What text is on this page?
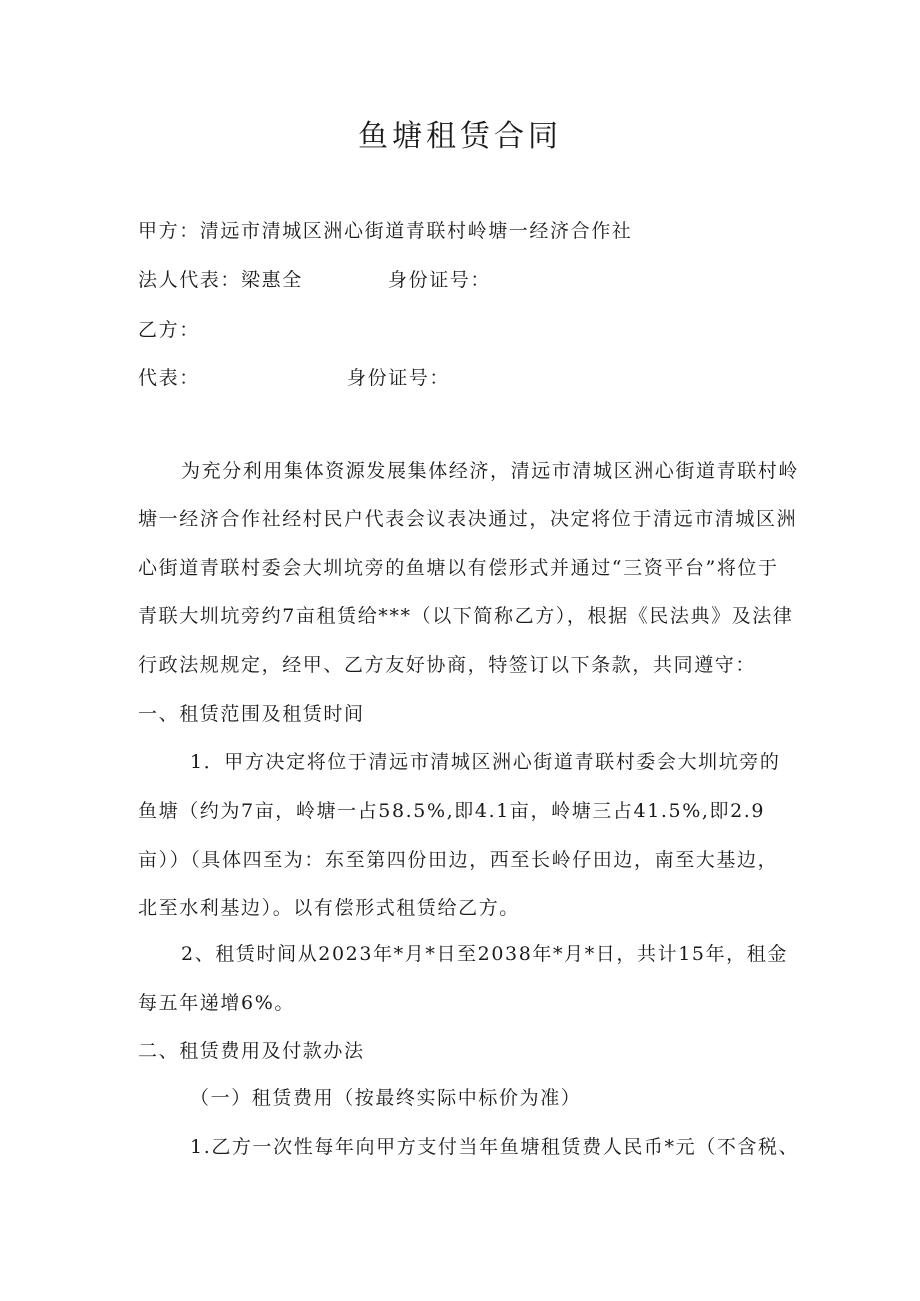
鱼塘租赁合同
甲方：清远市清城区洲心街道青联村岭塘一经济合作社
法人代表：梁惠全	身份证号：
乙方：
代表：	身份证号：
为充分利用集体资源发展集体经济，清远市清城区洲心街道青联村岭
塘一经济合作社经村民户代表会议表决通过，决定将位于清远市清城区洲
心街道青联村委会大圳坑旁的鱼塘以有偿形式并通过“三资平台”将位于
青联大圳坑旁约7亩租赁给***（以下简称乙方），根据《民法典》及法律
行政法规规定，经甲、乙方友好协商，特签订以下条款，共同遵守：
一、租赁范围及租赁时间
1．甲方决定将位于清远市清城区洲心街道青联村委会大圳坑旁的
鱼塘（约为7亩，岭塘一占58.5%,即4.1亩，岭塘三占41.5%,即2.9
亩））（具体四至为：东至第四份田边，西至长岭仔田边，南至大基边，
北至水利基边）。以有偿形式租赁给乙方。
2、租赁时间从2023年*月*日至2038年*月*日，共计15年，租金
每五年递增6%。
二、租赁费用及付款办法
（一）租赁费用（按最终实际中标价为准）
1.乙方一次性每年向甲方支付当年鱼塘租赁费人民币*元（不含税、
